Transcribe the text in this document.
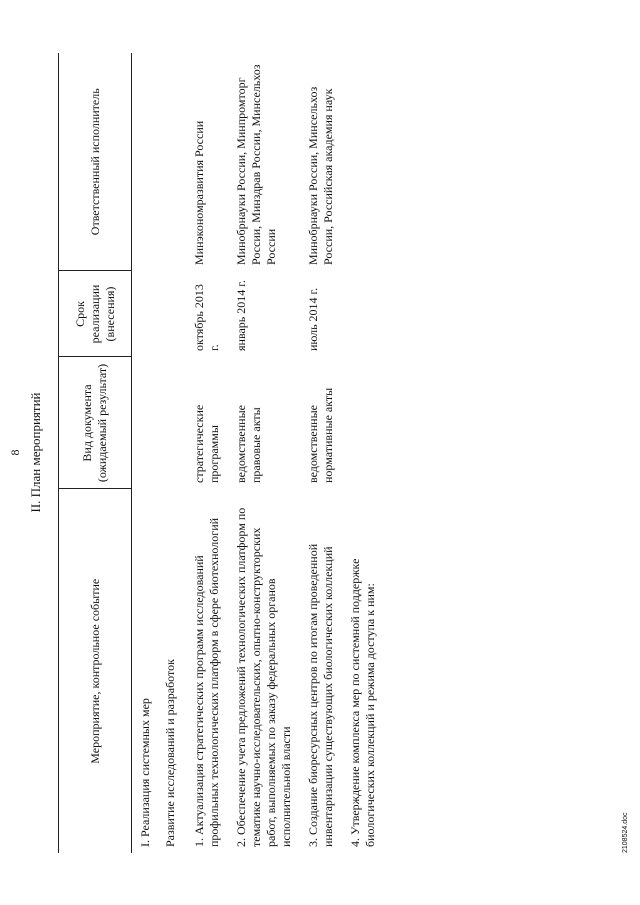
8 II. План мероприятий
Мероприятие, контрольное событие	Вид документа (ожидаемый результат)	Срок реализации (внесения)	Ответственный исполнитель
I. Реализация системных мер			
Развитие исследований и разработок			
1. Актуализация стратегических программ исследований профильных технологических платформ в сфере биотехнологий	стратегические программы	октябрь 2013 г.	Минэкономразвития России
2. Обеспечение учета предложений технологических платформ по тематике научно-исследовательских, опытно-конструкторских работ, выполняемых по заказу федеральных органов исполнительной власти	ведомственные правовые акты	январь 2014 г.	Минобрнауки России, Минпромторг России, Минздрав России, Минсельхоз России
3. Создание биоресурсных центров по итогам проведенной инвентаризации существующих биологических коллекций	ведомственные нормативные акты	июль 2014 г.	Минобрнауки России, Минсельхоз России, Российская академия наук
4. Утверждение комплекса мер по системной поддержке биологических коллекций и режима доступа к ним:				2108524.doc
